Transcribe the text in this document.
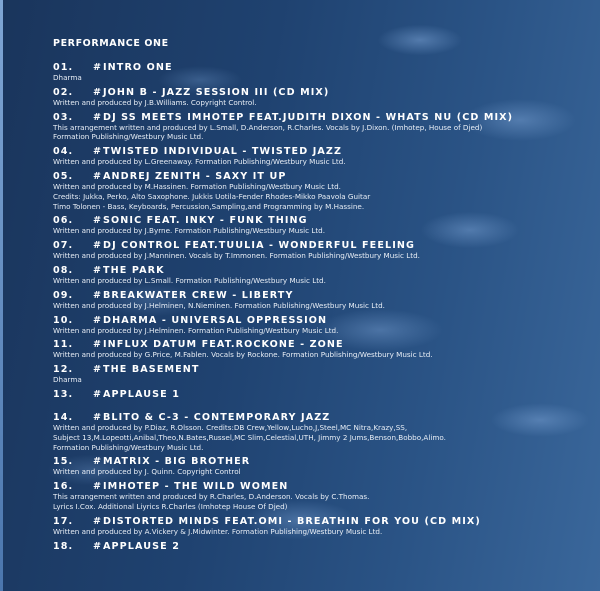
PERFORMANCE ONE
01. #INTRO ONE
Dharma
02. #JOHN B - JAZZ SESSION III (CD MIX)
Written and produced by J.B.Williams. Copyright Control.
03. #DJ SS MEETS IMHOTEP FEAT.JUDITH DIXON - WHATS NU (CD MIX)
This arrangement written and produced by L.Small, D.Anderson, R.Charles. Vocals by J.Dixon. (Imhotep, House of Djed)
Formation Publishing/Westbury Music Ltd.
04. #TWISTED INDIVIDUAL - TWISTED JAZZ
Written and produced by L.Greenaway. Formation Publishing/Westbury Music Ltd.
05. #ANDREJ ZENITH - SAXY IT UP
Written and produced by M.Hassinen. Formation Publishing/Westbury Music Ltd.
Credits: Jukka, Perko, Alto Saxophone. Jukkis Uotila-Fender Rhodes-Mikko Paavola Guitar
Timo Tolonen - Bass, Keyboards, Percussion,Sampling,and Programming by M.Hassine.
06. #SONIC FEAT. INKY - FUNK THING
Written and produced by J.Byrne. Formation Publishing/Westbury Music Ltd.
07. #DJ CONTROL FEAT.TUULIA - WONDERFUL FEELING
Written and produced by J.Manninen. Vocals by T.Immonen. Formation Publishing/Westbury Music Ltd.
08. #THE PARK
Written and produced by L.Small. Formation Publishing/Westbury Music Ltd.
09. #BREAKWATER CREW - LIBERTY
Written and produced by J.Helminen, N.Nieminen. Formation Publishing/Westbury Music Ltd.
10. #DHARMA - UNIVERSAL OPPRESSION
Written and produced by J.Helminen. Formation Publishing/Westbury Music Ltd.
11. #INFLUX DATUM FEAT.ROCKONE - ZONE
Written and produced by G.Price, M.Fablen. Vocals by Rockone. Formation Publishing/Westbury Music Ltd.
12. #THE BASEMENT
Dharma
13. #APPLAUSE 1
14. #BLITO & C-3 - CONTEMPORARY JAZZ
Written and produced by P.Diaz, R.Olsson. Credits:DB Crew,Yellow,Lucho,J,Steel,MC Nitra,Krazy,SS,
Subject 13,M.Lopeotti,Anibal,Theo,N.Bates,Russel,MC Slim,Celestial,UTH, Jimmy 2 Jums,Benson,Bobbo,Alimo.
Formation Publishing/Westbury Music Ltd.
15. #MATRIX - BIG BROTHER
Written and produced by J. Quinn. Copyright Control
16. #IMHOTEP - THE WILD WOMEN
This arrangement written and produced by R.Charles, D.Anderson. Vocals by C.Thomas.
Lyrics I.Cox. Additional Liyrics R.Charles (Imhotep House Of Djed)
17. #DISTORTED MINDS FEAT.OMI - BREATHIN FOR YOU (CD MIX)
Written and produced by A.Vickery & J.Midwinter. Formation Publishing/Westbury Music Ltd.
18. #APPLAUSE 2
